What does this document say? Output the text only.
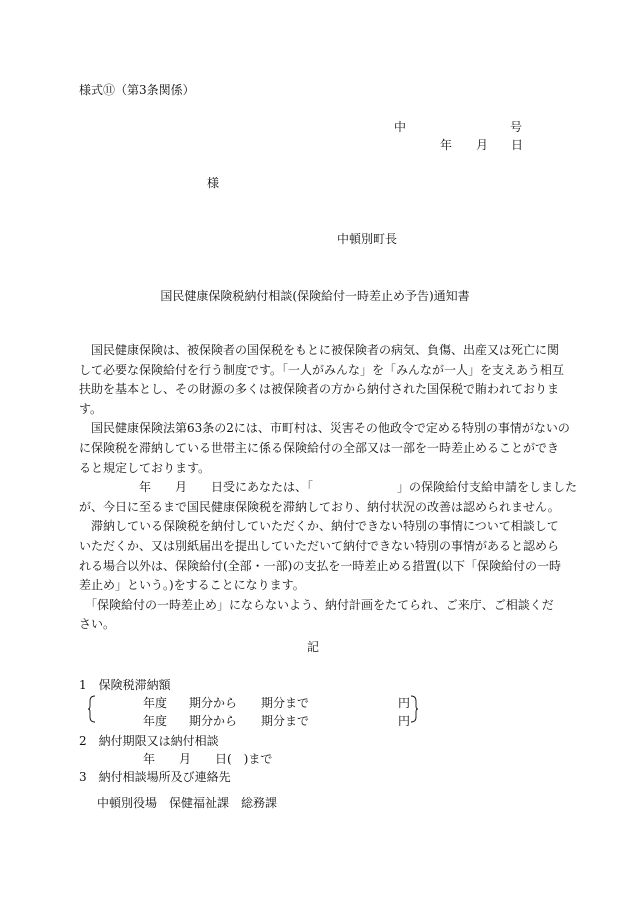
様式⑪（第3条関係）
中	号
年 月 日
様
中頓別町長
国民健康保険税納付相談(保険給付一時差止め予告)通知書
　国民健康保険は、被保険者の国保税をもとに被保険者の病気、負傷、出産又は死亡に関
して必要な保険給付を行う制度です。「一人がみんな」を「みんなが一人」を支えあう相互
扶助を基本とし、その財源の多くは被保険者の方から納付された国保税で賄われておりま
す。
　国民健康保険法第63条の2には、市町村は、災害その他政令で定める特別の事情がないの
に保険税を滞納している世帯主に係る保険給付の全部又は一部を一時差止めることができ
ると規定しております。
　　　　　年　　月　　日受にあなたは、「　　　　　　　」の保険給付支給申請をしました
が、今日に至るまで国民健康保険税を滞納しており、納付状況の改善は認められません。
　滞納している保険税を納付していただくか、納付できない特別の事情について相談して
いただくか、又は別紙届出を提出していただいて納付できない特別の事情があると認めら
れる場合以外は、保険給付(全部・一部)の支払を一時差止める措置(以下「保険給付の一時
差止め」という。)をすることになります。
　「保険給付の一時差止め」にならないよう、納付計画をたてられ、ご来庁、ご相談くだ
さい。
記
1　保険税滞納額
年度 期分から 期分まで	円
年度 期分から 期分まで	円
2　納付期限又は納付相談
年　　月　　日(　)まで
3　納付相談場所及び連絡先
中頓別役場　保健福祉課　総務課
